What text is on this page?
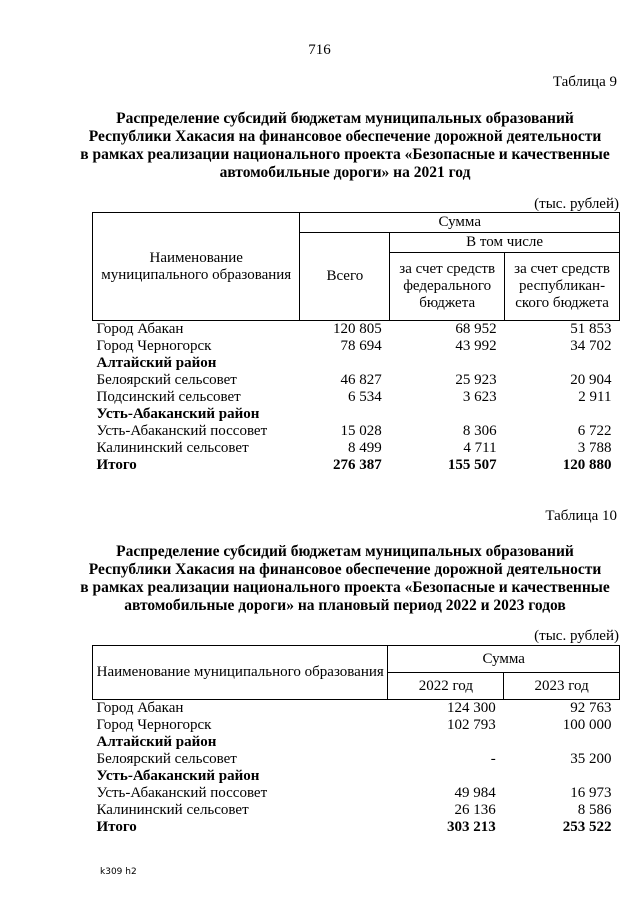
716
Таблица 9
Распределение субсидий бюджетам муниципальных образований
Республики Хакасия на финансовое обеспечение дорожной деятельности
в рамках реализации национального проекта «Безопасные и качественные
автомобильные дороги» на 2021 год
(тыс. рублей)
Наименование муниципального образования	Сумма		
	Всего	В том числе	
		за счет средств федерального бюджета	за счет средств республикан-ского бюджета
Город Абакан	120 805	68 952	51 853
Город Черногорск	78 694	43 992	34 702
Алтайский район			
Белоярский сельсовет	46 827	25 923	20 904
Подсинский сельсовет	6 534	3 623	2 911
Усть-Абаканский район			
Усть-Абаканский поссовет	15 028	8 306	6 722
Калининский сельсовет	8 499	4 711	3 788
Итого	276 387	155 507	120 880
Таблица 10
Распределение субсидий бюджетам муниципальных образований
Республики Хакасия на финансовое обеспечение дорожной деятельности
в рамках реализации национального проекта «Безопасные и качественные
автомобильные дороги» на плановый период 2022 и 2023 годов
(тыс. рублей)
Наименование муниципального образования	Сумма	
	2022 год	2023 год
Город Абакан	124 300	92 763
Город Черногорск	102 793	100 000
Алтайский район		
Белоярский сельсовет	-	35 200
Усть-Абаканский район		
Усть-Абаканский поссовет	49 984	16 973
Калининский сельсовет	26 136	8 586
Итого	303 213	253 522
k309 h2
